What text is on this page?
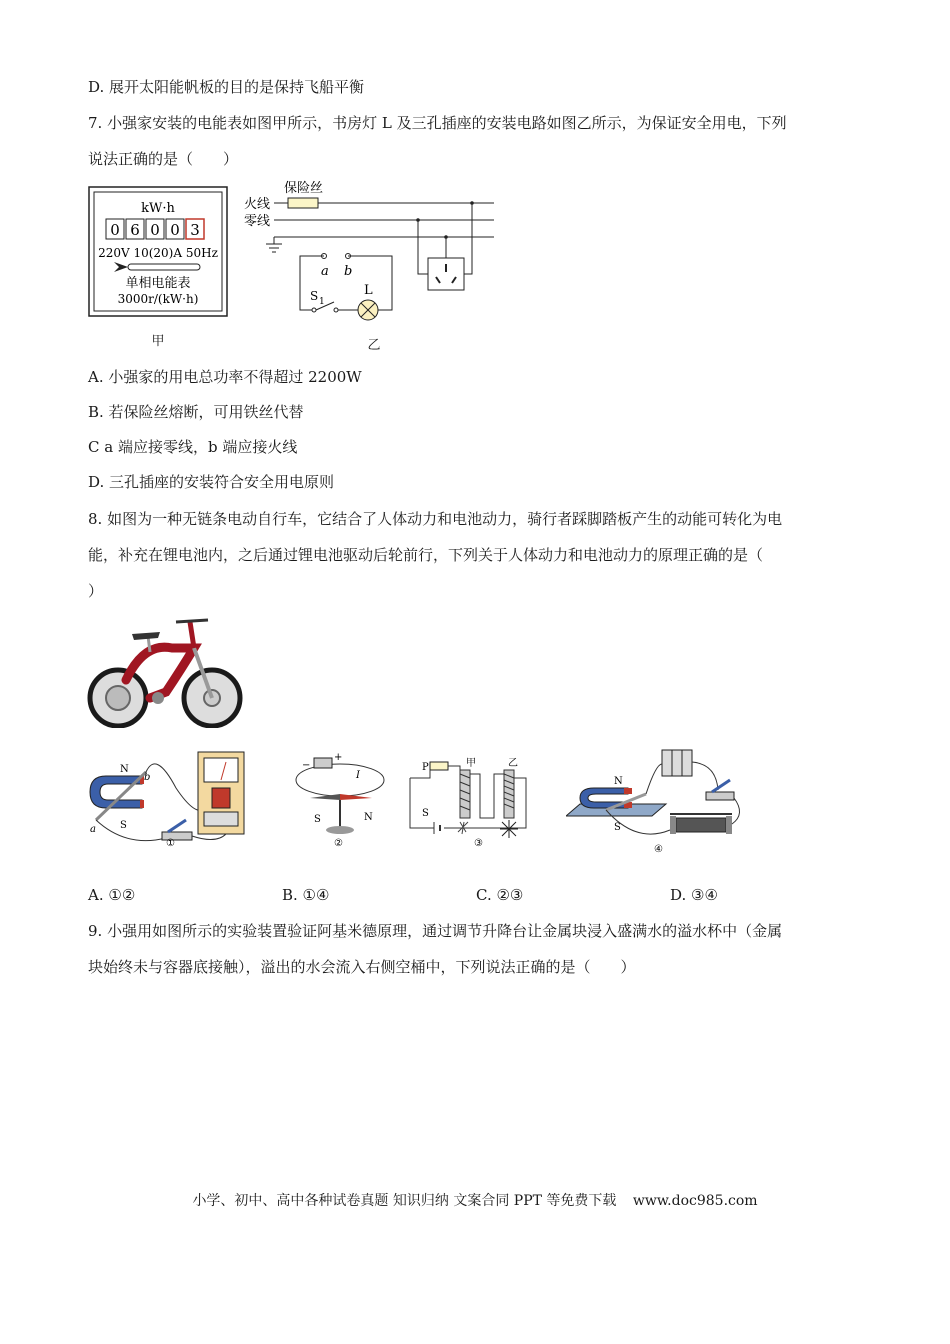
D. 展开太阳能帆板的目的是保持飞船平衡
7. 小强家安装的电能表如图甲所示，书房灯 L 及三孔插座的安装电路如图乙所示，为保证安全用电，下列
说法正确的是（　　）
kW·h
0 6 0 0 3
220V 10(20)A 50Hz
单相电能表
3000r/(kW·h)
甲
保险丝
火线
零线
a b
S 1
L
乙
A. 小强家的用电总功率不得超过 2200W
B. 若保险丝熔断，可用铁丝代替
C a 端应接零线，b 端应接火线
D. 三孔插座的安装符合安全用电原则
8. 如图为一种无链条电动自行车，它结合了人体动力和电池动力，骑行者踩脚踏板产生的动能可转化为电
能，补充在锂电池内，之后通过锂电池驱动后轮前行，下列关于人体动力和电池动力的原理正确的是（
）
N
S
a
b
①
−
+
I
S	N
②
P	甲	乙
S
③
N
S
④
A. ①②	B. ①④	C. ②③	D. ③④
9. 小强用如图所示的实验装置验证阿基米德原理，通过调节升降台让金属块浸入盛满水的溢水杯中（金属
块始终未与容器底接触），溢出的水会流入右侧空桶中，下列说法正确的是（　　）
小学、初中、高中各种试卷真题 知识归纳 文案合同 PPT 等免费下载 www.doc985.com
